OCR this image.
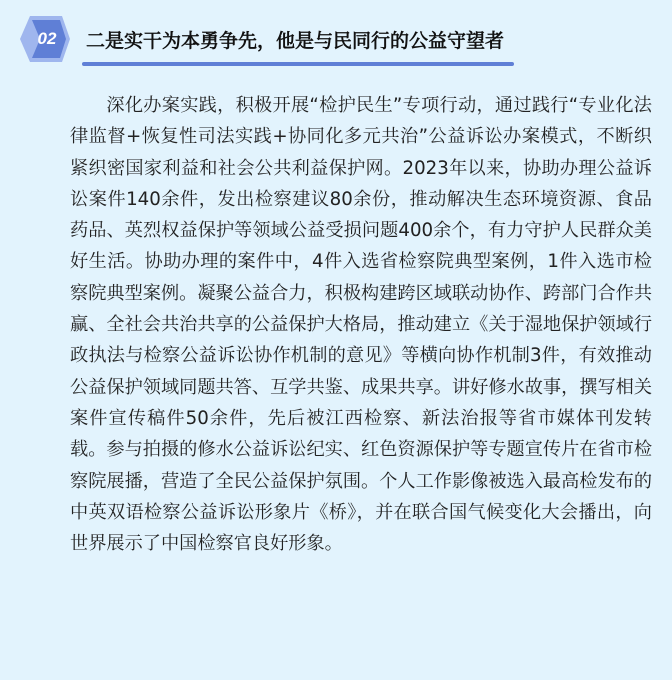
02	二是实干为本勇争先，他是与民同行的公益守望者

深化办案实践，积极开展“检护民生”专项行动，通过践行“专业化法律监督+恢复性司法实践+协同化多元共治”公益诉讼办案模式，不断织紧织密国家利益和社会公共利益保护网。2023年以来，协助办理公益诉讼案件140余件，发出检察建议80余份，推动解决生态环境资源、食品药品、英烈权益保护等领域公益受损问题400余个，有力守护人民群众美好生活。协助办理的案件中，4件入选省检察院典型案例，1件入选市检察院典型案例。凝聚公益合力，积极构建跨区域联动协作、跨部门合作共赢、全社会共治共享的公益保护大格局，推动建立《关于湿地保护领域行政执法与检察公益诉讼协作机制的意见》等横向协作机制3件，有效推动公益保护领域同题共答、互学共鉴、成果共享。讲好修水故事，撰写相关案件宣传稿件50余件，先后被江西检察、新法治报等省市媒体刊发转载。参与拍摄的修水公益诉讼纪实、红色资源保护等专题宣传片在省市检察院展播，营造了全民公益保护氛围。个人工作影像被选入最高检发布的中英双语检察公益诉讼形象片《桥》，并在联合国气候变化大会播出，向世界展示了中国检察官良好形象。
